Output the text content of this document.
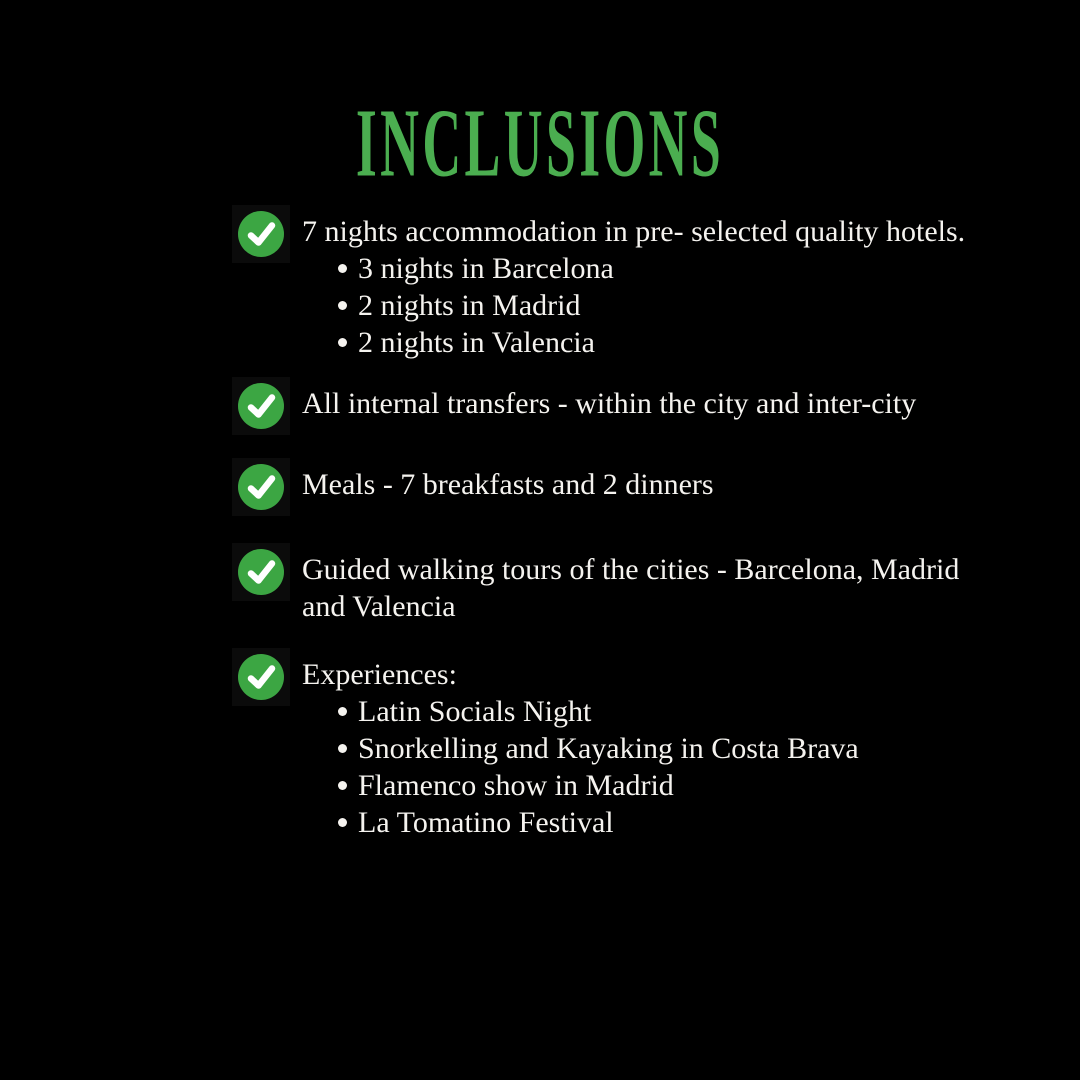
INCLUSIONS
7 nights accommodation in pre- selected quality hotels.
3 nights in Barcelona
2 nights in Madrid
2 nights in Valencia
All internal transfers - within the city and inter-city
Meals - 7 breakfasts and 2 dinners
Guided walking tours of the cities - Barcelona, Madrid
and Valencia
Experiences:
Latin Socials Night
Snorkelling and Kayaking in Costa Brava
Flamenco show in Madrid
La Tomatino Festival
